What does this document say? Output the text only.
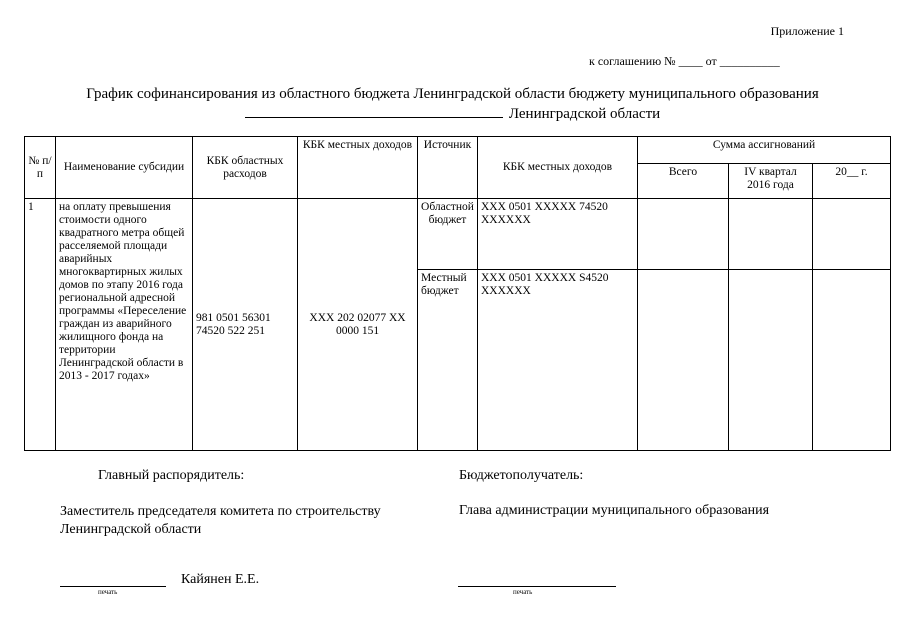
Приложение 1
к соглашению № ____ от __________
График софинансирования из областного бюджета Ленинградской области бюджету муниципального образования
Ленинградской области
№ п/п	Наименование субсидии	КБК областных расходов	КБК местных доходов	Источник	КБК местных доходов	Сумма ассигнований		
						Всего	IV квартал 2016 года	20__ г.
1	на оплату превышения стоимости одного квадратного метра общей расселяемой площади аварийных многоквартирных жилых домов по этапу 2016 года региональной адресной программы «Переселение граждан из аварийного жилищного фонда на территории Ленинградской области в 2013 - 2017 годах»	981 0501 56301 74520 522 251	XXX 202 02077 XX 0000 151	Областной бюджет	XXX 0501 XXXXX 74520 XXXXXX			
				Местный бюджет	XXX 0501 XXXXX S4520 XXXXXX			
Главный распорядитель:	Бюджетополучатель:
Заместитель председателя комитета по строительству Ленинградской области
Глава администрации муниципального образования
Кайянен Е.Е.
печать	печать
